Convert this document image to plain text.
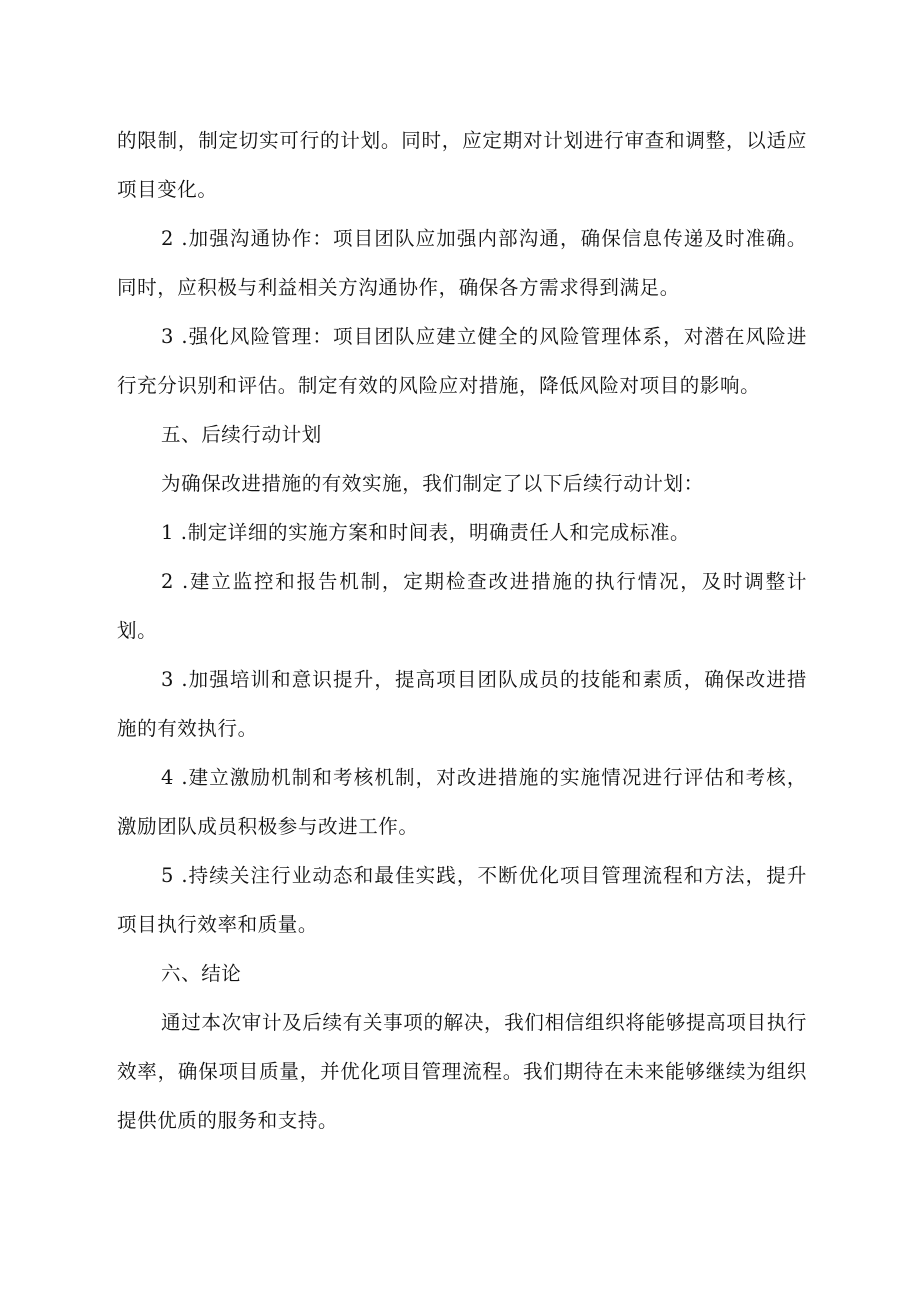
的限制，制定切实可行的计划。同时，应定期对计划进行审查和调整，以适应项目变化。

2 .加强沟通协作：项目团队应加强内部沟通，确保信息传递及时准确。同时，应积极与利益相关方沟通协作，确保各方需求得到满足。

3 .强化风险管理：项目团队应建立健全的风险管理体系，对潜在风险进行充分识别和评估。制定有效的风险应对措施，降低风险对项目的影响。

五、后续行动计划

为确保改进措施的有效实施，我们制定了以下后续行动计划：

1 .制定详细的实施方案和时间表，明确责任人和完成标准。

2 .建立监控和报告机制，定期检查改进措施的执行情况，及时调整计划。

3 .加强培训和意识提升，提高项目团队成员的技能和素质，确保改进措施的有效执行。

4 .建立激励机制和考核机制，对改进措施的实施情况进行评估和考核，激励团队成员积极参与改进工作。

5 .持续关注行业动态和最佳实践，不断优化项目管理流程和方法，提升项目执行效率和质量。

六、结论

通过本次审计及后续有关事项的解决，我们相信组织将能够提高项目执行效率，确保项目质量，并优化项目管理流程。我们期待在未来能够继续为组织提供优质的服务和支持。
